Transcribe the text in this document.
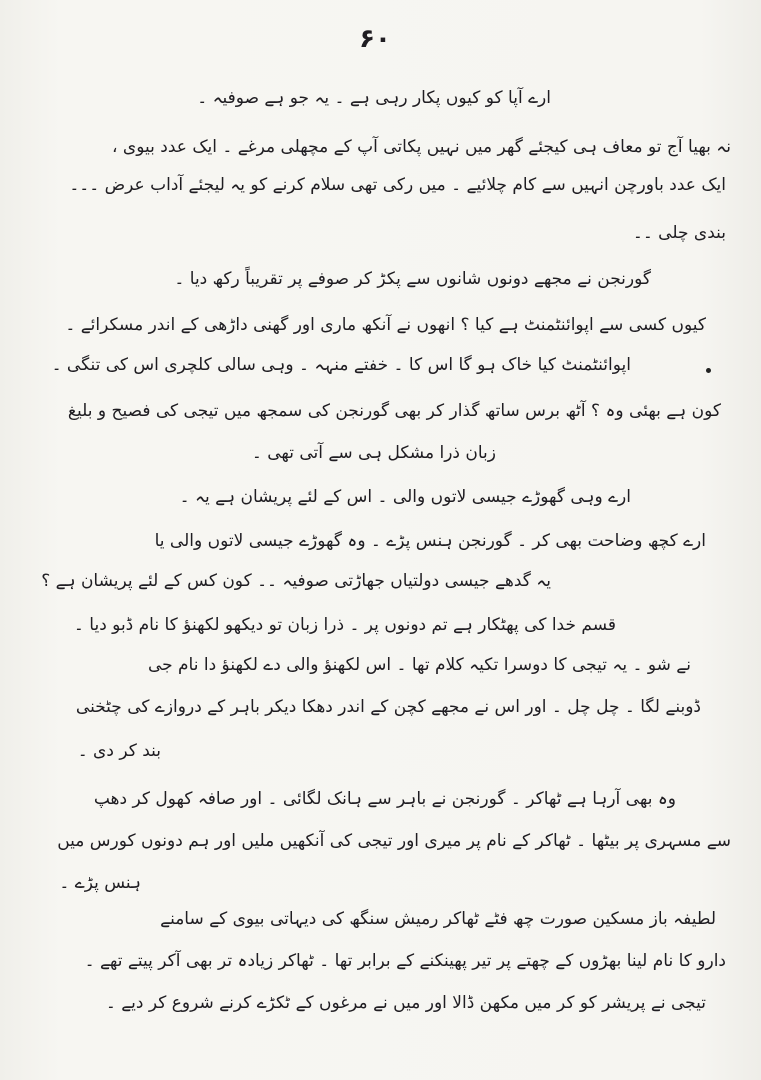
۶۰
ارے آپا کو کیوں پکار رہی ہے ۔ یہ جو ہے صوفیہ ۔
نہ بھیا آج تو معاف ہی کیجئے گھر میں نہیں پکاتی آپ کے مچھلی مرغے ۔ ایک عدد بیوی ،
ایک عدد باورچن انہیں سے کام چلائیے ۔ میں رکی تھی سلام کرنے کو یہ لیجئے آداب عرض ۔۔۔
بندی چلی ۔۔
گورنجن نے مجھے دونوں شانوں سے پکڑ کر صوفے پر تقریباً رکھ دیا ۔
کیوں کسی سے اپوائنٹمنٹ ہے کیا ؟ انھوں نے آنکھ ماری اور گھنی داڑھی کے اندر مسکرائے ۔
اپوائنٹمنٹ کیا خاک ہو گا اس کا ۔ خفتے منہہ ۔ وہی سالی کلچری اس کی تنگی ۔
کون ہے بھئی وہ ؟ آٹھ برس ساتھ گذار کر بھی گورنجن کی سمجھ میں تیجی کی فصیح و بلیغ
زبان ذرا مشکل ہی سے آتی تھی ۔
ارے وہی گھوڑے جیسی لاتوں والی ۔ اس کے لئے پریشان ہے یہ ۔
ارے کچھ وضاحت بھی کر ۔ گورنجن ہنس پڑے ۔ وہ گھوڑے جیسی لاتوں والی یا
یہ گدھے جیسی دولتیاں جھاڑتی صوفیہ ۔۔ کون کس کے لئے پریشان ہے ؟
قسم خدا کی پھٹکار ہے تم دونوں پر ۔ ذرا زبان تو دیکھو لکھنؤ کا نام ڈبو دیا ۔
نے شو ۔ یہ تیجی کا دوسرا تکیہ کلام تھا ۔ اس لکھنؤ والی دے لکھنؤ دا نام جی
ڈوبنے لگا ۔ چل چل ۔ اور اس نے مجھے کچن کے اندر دھکا دیکر باہر کے دروازے کی چٹخنی
بند کر دی ۔
وہ بھی آرہا ہے ٹھاکر ۔ گورنجن نے باہر سے ہانک لگائی ۔ اور صافہ کھول کر دھپ
سے مسہری پر بیٹھا ۔ ٹھاکر کے نام پر میری اور تیجی کی آنکھیں ملیں اور ہم دونوں کورس میں
ہنس پڑے ۔
لطیفہ باز مسکین صورت چھ فٹے ٹھاکر رمیش سنگھ کی دیہاتی بیوی کے سامنے
دارو کا نام لینا بھڑوں کے چھتے پر تیر پھینکنے کے برابر تھا ۔ ٹھاکر زیادہ تر بھی آکر پیتے تھے ۔
تیجی نے پریشر کو کر میں مکھن ڈالا اور میں نے مرغوں کے ٹکڑے کرنے شروع کر دیے ۔
